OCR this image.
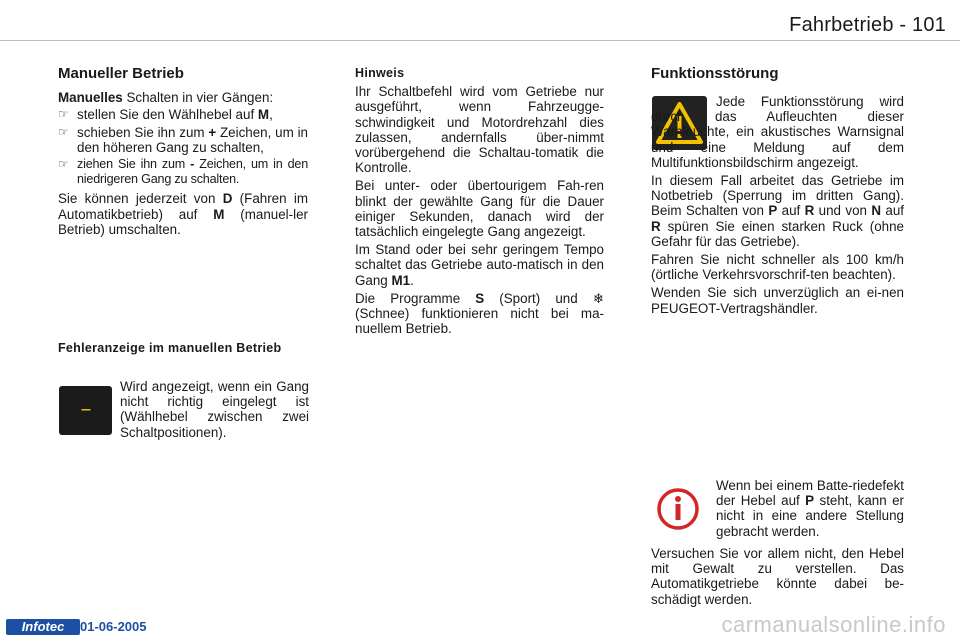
Fahrbetrieb - 101
Manueller Betrieb

Manuelles Schalten in vier Gängen:

☞ stellen Sie den Wählhebel auf M,
☞ schieben Sie ihn zum + Zeichen, um in den höheren Gang zu schalten,
☞ ziehen Sie ihn zum - Zeichen, um in den niedrigeren Gang zu schalten.

Sie können jederzeit von D (Fahren im Automatikbetrieb) auf M (manuel-ler Betrieb) umschalten.

Fehleranzeige im manuellen Betrieb
---

Wird angezeigt, wenn ein Gang nicht richtig eingelegt ist (Wählhebel zwischen zwei Schaltpositionen).

Hinweis

Ihr Schaltbefehl wird vom Getriebe nur ausgeführt, wenn Fahrzeugge-schwindigkeit und Motordrehzahl dies zulassen, andernfalls über-nimmt vorübergehend die Schaltau-tomatik die Kontrolle.

Bei unter- oder übertourigem Fah-ren blinkt der gewählte Gang für die Dauer einiger Sekunden, danach wird der tatsächlich eingelegte Gang angezeigt.

Im Stand oder bei sehr geringem Tempo schaltet das Getriebe auto-matisch in den Gang M1.

Die Programme S (Sport) und ❄ (Schnee) funktionieren nicht bei ma-nuellem Betrieb.

Funktionsstörung

Jede Funktionsstörung wird durch das Aufleuchten dieser Warnleuchte, ein akustisches Warnsignal und eine Meldung auf dem Multifunktionsbildschirm angezeigt.

In diesem Fall arbeitet das Getriebe im Notbetrieb (Sperrung im dritten Gang). Beim Schalten von P auf R und von N auf R spüren Sie einen starken Ruck (ohne Gefahr für das Getriebe).

Fahren Sie nicht schneller als 100 km/h (örtliche Verkehrsvorschrif-ten beachten).

Wenden Sie sich unverzüglich an ei-nen PEUGEOT-Vertragshändler.

Wenn bei einem Batte-riedefekt der Hebel auf P steht, kann er nicht in eine andere Stellung gebracht werden.

Versuchen Sie vor allem nicht, den Hebel mit Gewalt zu verstellen. Das Automatikgetriebe könnte dabei be-schädigt werden.

Infotec	01-06-2005	carmanualsonline.info
